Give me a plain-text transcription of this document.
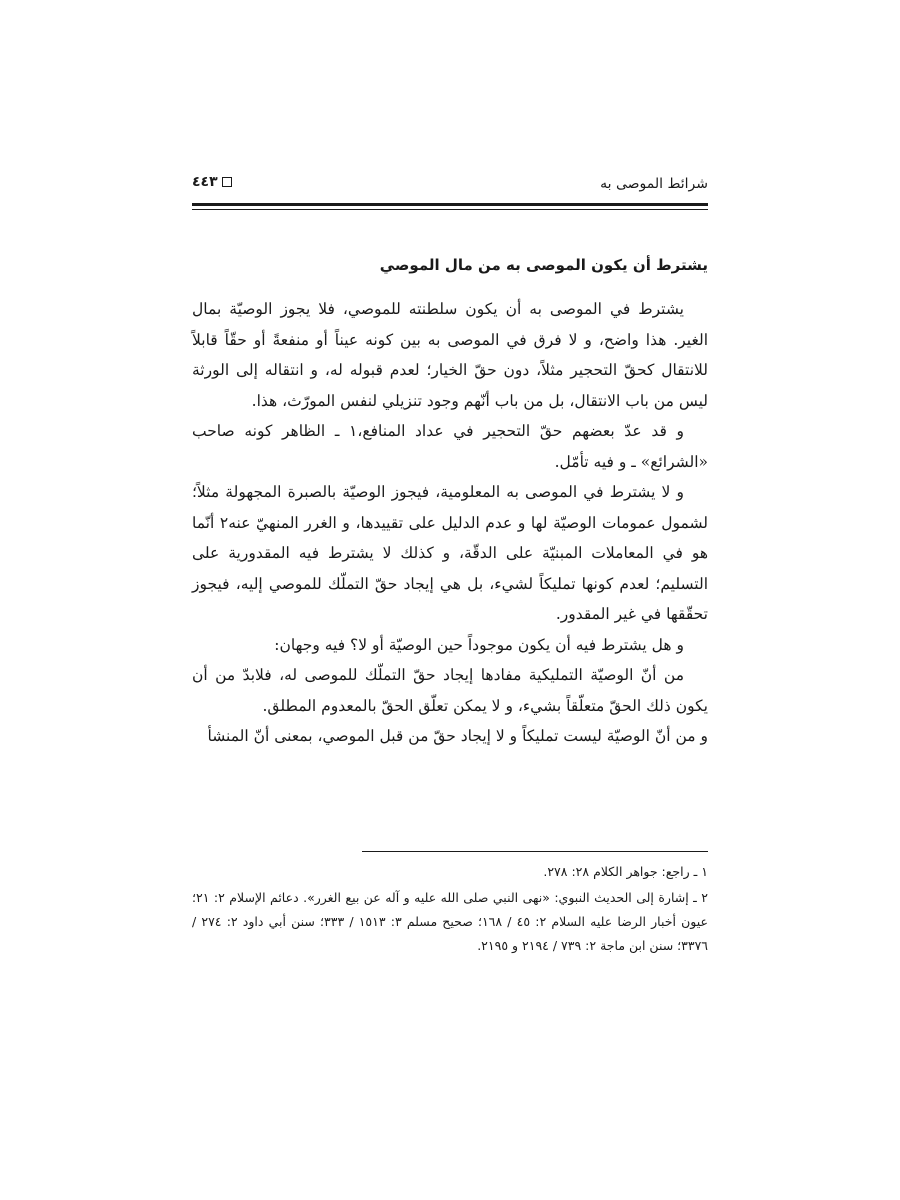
شرائط الموصى به
٤٤٣
يشترط أن يكون الموصى به من مال الموصي

يشترط في الموصى به أن يكون سلطنته للموصي، فلا يجوز الوصيّة بمال الغير. هذا واضح، و لا فرق في الموصى به بين كونه عيناً أو منفعةً أو حقّاً قابلاً للانتقال كحقّ التحجير مثلاً، دون حقّ الخيار؛ لعدم قبوله له، و انتقاله إلى الورثة ليس من باب الانتقال، بل من باب أنّهم وجود تنزيلي لنفس المورّث، هذا.

و قد عدّ بعضهم حقّ التحجير في عداد المنافع،١ ـ الظاهر كونه صاحب «الشرائع» ـ و فيه تأمّل.

و لا يشترط في الموصى به المعلومية، فيجوز الوصيّة بالصبرة المجهولة مثلاً؛ لشمول عمومات الوصيّة لها و عدم الدليل على تقييدها، و الغرر المنهيّ عنه٢ أنّما هو في المعاملات المبنيّة على الدقّة، و كذلك لا يشترط فيه المقدورية على التسليم؛ لعدم كونها تمليكاً لشيء، بل هي إيجاد حقّ التملّك للموصي إليه، فيجوز تحقّقها في غير المقدور.

و هل يشترط فيه أن يكون موجوداً حين الوصيّة أو لا؟ فيه وجهان:

من أنّ الوصيّة التمليكية مفادها إيجاد حقّ التملّك للموصى له، فلابدّ من أن يكون ذلك الحقّ متعلّقاً بشيء، و لا يمكن تعلّق الحقّ بالمعدوم المطلق.

و من أنّ الوصيّة ليست تمليكاً و لا إيجاد حقّ من قبل الموصي، بمعنى أنّ المنشأ

١ ـ راجع: جواهر الكلام ٢٨: ٢٧٨.

٢ ـ إشارة إلى الحديث النبوي: «نهى النبي صلى الله عليه و آله عن بيع الغرر». دعائم الإسلام ٢: ٢١؛ عيون أخبار الرضا عليه السلام ٢: ٤٥ / ١٦٨؛ صحيح مسلم ٣: ١٥١٣ / ٣٣٣؛ سنن أبي داود ٢: ٢٧٤ / ٣٣٧٦؛ سنن ابن ماجة ٢: ٧٣٩ / ٢١٩٤ و ٢١٩٥.
